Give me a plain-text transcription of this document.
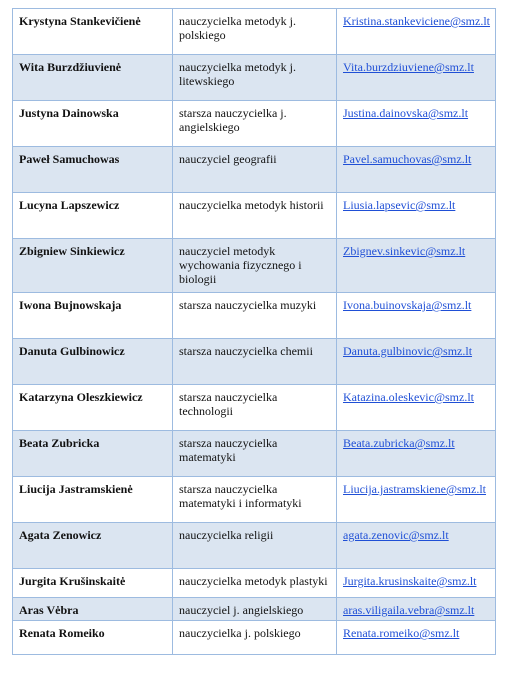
Krystyna Stankevičienė	nauczycielka metodyk j. polskiego	Kristina.stankeviciene@smz.lt
Wita Burzdžiuvienė	nauczycielka metodyk j. litewskiego	Vita.burzdziuviene@smz.lt
Justyna Dainowska	starsza nauczycielka j. angielskiego	Justina.dainovska@smz.lt
Paweł Samuchowas	nauczyciel geografii	Pavel.samuchovas@smz.lt
Lucyna Lapszewicz	nauczycielka metodyk historii	Liusia.lapsevic@smz.lt
Zbigniew Sinkiewicz	nauczyciel metodyk wychowania fizycznego i biologii	Zbignev.sinkevic@smz.lt
Iwona Bujnowskaja	starsza nauczycielka muzyki	Ivona.buinovskaja@smz.lt
Danuta Gulbinowicz	starsza nauczycielka chemii	Danuta.gulbinovic@smz.lt
Katarzyna Oleszkiewicz	starsza nauczycielka technologii	Katazina.oleskevic@smz.lt
Beata Zubricka	starsza nauczycielka matematyki	Beata.zubricka@smz.lt
Liucija Jastramskienė	starsza nauczycielka matematyki i informatyki	Liucija.jastramskiene@smz.lt
Agata Zenowicz	nauczycielka religii	agata.zenovic@smz.lt
Jurgita Krušinskaitė	nauczycielka metodyk plastyki	Jurgita.krusinskaite@smz.lt
Aras Vėbra	nauczyciel j. angielskiego	aras.viligaila.vebra@smz.lt
Renata Romeiko	nauczycielka j. polskiego	Renata.romeiko@smz.lt
